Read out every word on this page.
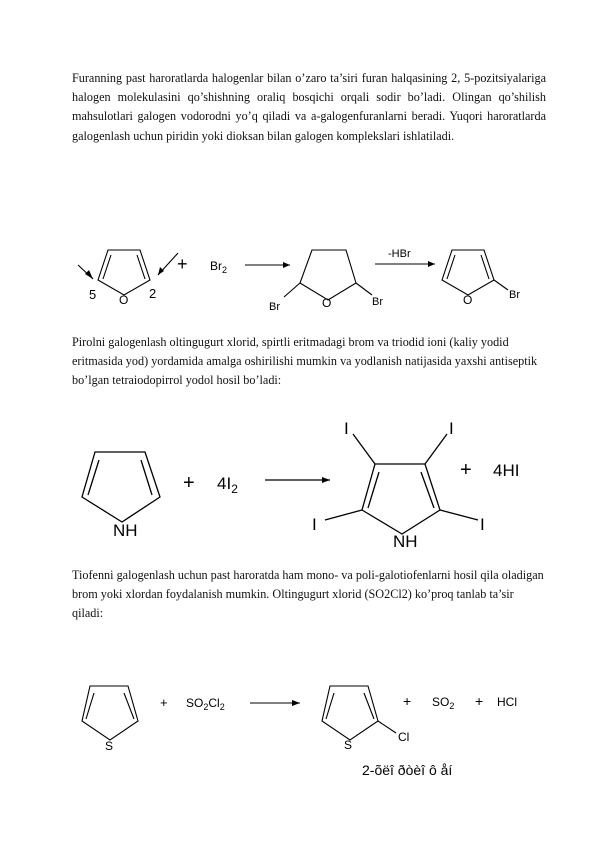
Furanning past haroratlarda halogenlar bilan o’zaro ta’siri furan halqasining 2, 5-pozitsiyalariga halogen molekulasini qo’shishning oraliq bosqichi orqali sodir bo’ladi. Olingan qo’shilish mahsulotlari galogen vodorodni yo’q qiladi va a-galogenfuranlarni beradi. Yuqori haroratlarda galogenlash uchun piridin yoki dioksan bilan galogen komplekslari ishlatiladi.

5 O 2
+ $Br_2$
Br	O	Br
-HBr
O	Br

Pirolni galogenlash oltingugurt xlorid, spirtli eritmadagi brom va triodid ioni (kaliy yodid eritmasida yod) yordamida amalga oshirilishi mumkin va yodlanish natijasida yaxshi antiseptik bo’lgan tetraiodopirrol yodol hosil bo’ladi:

NH
+ $4I_2$
I	I
I	I
NH
+ 4HI

Tiofenni galogenlash uchun past haroratda ham mono- va poli-galotiofenlarni hosil qila oladigan brom yoki xlordan foydalanish mumkin. Oltingugurt xlorid (SO2Cl2) ko’proq tanlab ta’sir qiladi:

S
+ $SO_2Cl_2$
S
Cl
+ $SO_2$ + HCl
2-õëî ðòèî ô åí
